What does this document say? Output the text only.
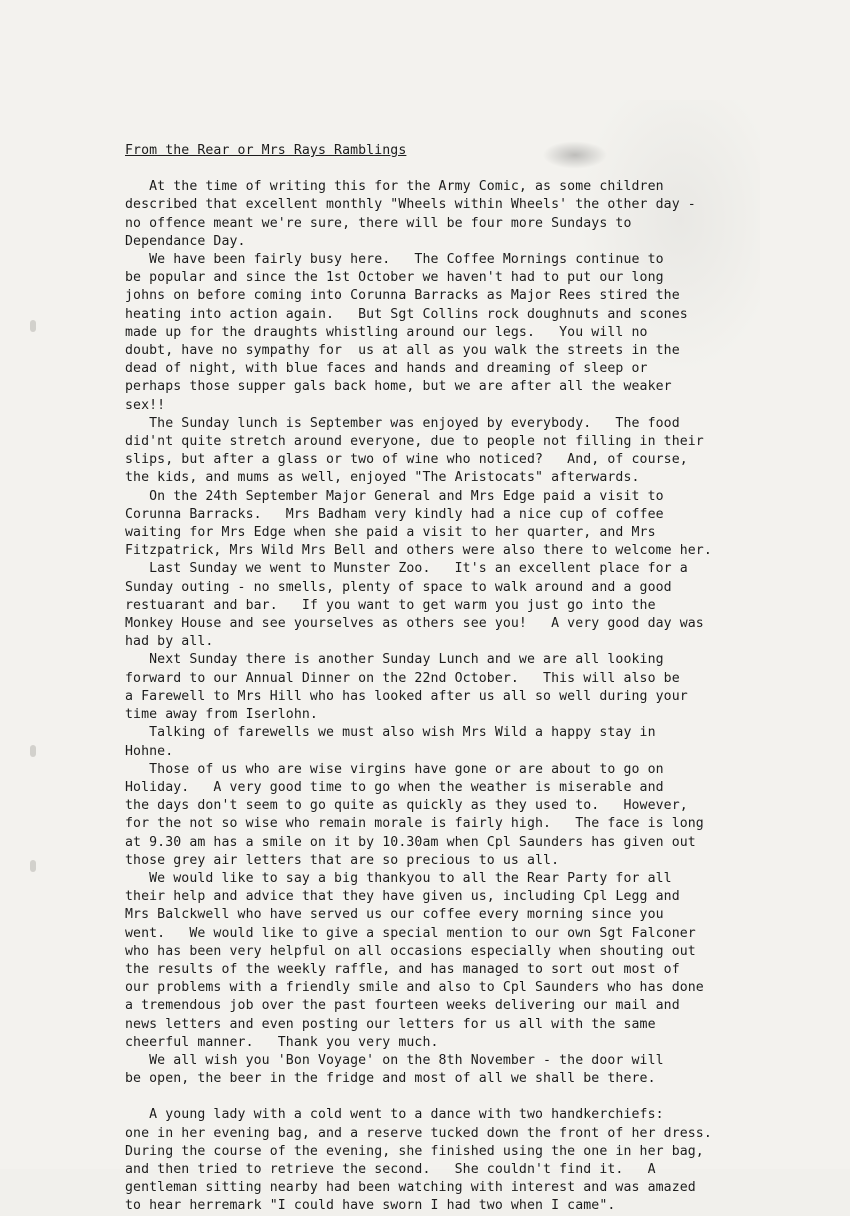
From the Rear or Mrs Rays Ramblings
At the time of writing this for the Army Comic, as some children
described that excellent monthly "Wheels within Wheels' the other day -
no offence meant we're sure, there will be four more Sundays to
Dependance Day.
We have been fairly busy here.   The Coffee Mornings continue to
be popular and since the 1st October we haven't had to put our long
johns on before coming into Corunna Barracks as Major Rees stired the
heating into action again.   But Sgt Collins rock doughnuts and scones
made up for the draughts whistling around our legs.   You will no
doubt, have no sympathy for  us at all as you walk the streets in the
dead of night, with blue faces and hands and dreaming of sleep or
perhaps those supper gals back home, but we are after all the weaker
sex!!
The Sunday lunch is September was enjoyed by everybody.   The food
did'nt quite stretch around everyone, due to people not filling in their
slips, but after a glass or two of wine who noticed?   And, of course,
the kids, and mums as well, enjoyed "The Aristocats" afterwards.
On the 24th September Major General and Mrs Edge paid a visit to
Corunna Barracks.   Mrs Badham very kindly had a nice cup of coffee
waiting for Mrs Edge when she paid a visit to her quarter, and Mrs
Fitzpatrick, Mrs Wild Mrs Bell and others were also there to welcome her.
Last Sunday we went to Munster Zoo.   It's an excellent place for a
Sunday outing - no smells, plenty of space to walk around and a good
restuarant and bar.   If you want to get warm you just go into the
Monkey House and see yourselves as others see you!   A very good day was
had by all.
Next Sunday there is another Sunday Lunch and we are all looking
forward to our Annual Dinner on the 22nd October.   This will also be
a Farewell to Mrs Hill who has looked after us all so well during your
time away from Iserlohn.
Talking of farewells we must also wish Mrs Wild a happy stay in
Hohne.
Those of us who are wise virgins have gone or are about to go on
Holiday.   A very good time to go when the weather is miserable and
the days don't seem to go quite as quickly as they used to.   However,
for the not so wise who remain morale is fairly high.   The face is long
at 9.30 am has a smile on it by 10.30am when Cpl Saunders has given out
those grey air letters that are so precious to us all.
We would like to say a big thankyou to all the Rear Party for all
their help and advice that they have given us, including Cpl Legg and
Mrs Balckwell who have served us our coffee every morning since you
went.   We would like to give a special mention to our own Sgt Falconer
who has been very helpful on all occasions especially when shouting out
the results of the weekly raffle, and has managed to sort out most of
our problems with a friendly smile and also to Cpl Saunders who has done
a tremendous job over the past fourteen weeks delivering our mail and
news letters and even posting our letters for us all with the same
cheerful manner.   Thank you very much.
We all wish you 'Bon Voyage' on the 8th November - the door will
be open, the beer in the fridge and most of all we shall be there.
A young lady with a cold went to a dance with two handkerchiefs:
one in her evening bag, and a reserve tucked down the front of her dress.
During the course of the evening, she finished using the one in her bag,
and then tried to retrieve the second.   She couldn't find it.   A
gentleman sitting nearby had been watching with interest and was amazed
to hear herremark "I could have sworn I had two when I came".
